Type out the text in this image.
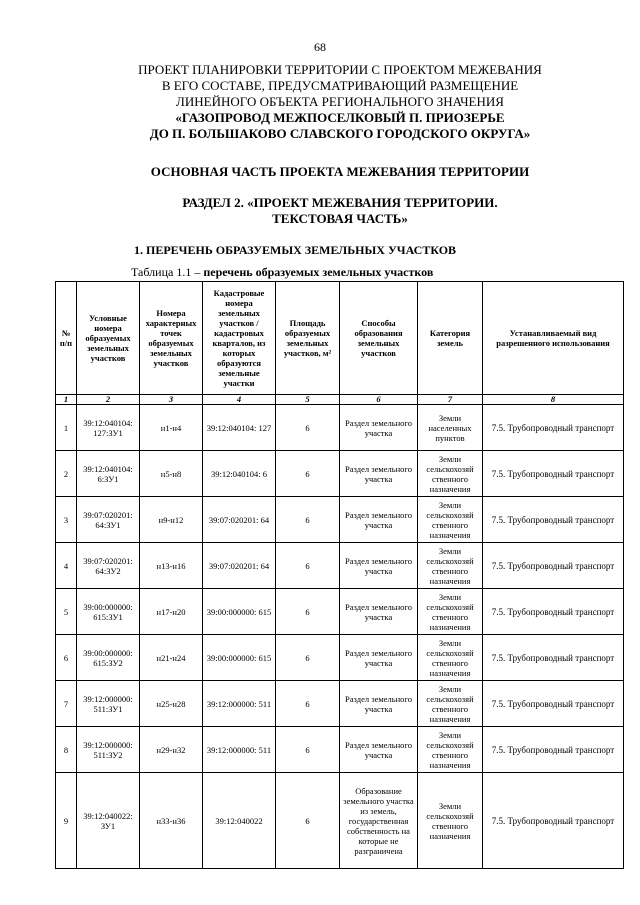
68
ПРОЕКТ ПЛАНИРОВКИ ТЕРРИТОРИИ С ПРОЕКТОМ МЕЖЕВАНИЯ
В ЕГО СОСТАВЕ, ПРЕДУСМАТРИВАЮЩИЙ РАЗМЕЩЕНИЕ
ЛИНЕЙНОГО ОБЪЕКТА РЕГИОНАЛЬНОГО ЗНАЧЕНИЯ
«ГАЗОПРОВОД МЕЖПОСЕЛКОВЫЙ П. ПРИОЗЕРЬЕ
ДО П. БОЛЬШАКОВО СЛАВСКОГО ГОРОДСКОГО ОКРУГА»
ОСНОВНАЯ ЧАСТЬ ПРОЕКТА МЕЖЕВАНИЯ ТЕРРИТОРИИ
РАЗДЕЛ 2. «ПРОЕКТ МЕЖЕВАНИЯ ТЕРРИТОРИИ.
ТЕКСТОВАЯ ЧАСТЬ»
1. ПЕРЕЧЕНЬ ОБРАЗУЕМЫХ ЗЕМЕЛЬНЫХ УЧАСТКОВ
Таблица 1.1 – перечень образуемых земельных участков
№ п/п	Условные номера образуемых земельных участков	Номера характерных точек образуемых земельных участков	Кадастровые номера земельных участков / кадастровых кварталов, из которых образуются земельные участки	Площадь образуемых земельных участков, м²	Способы образования земельных участков	Категория земель	Устанавливаемый вид разрешенного использования
1	2	3	4	5	6	7	8
1	39:12:040104: 127:ЗУ1	н1-н4	39:12:040104: 127	6	Раздел земельного участка	Земли населенных пунктов	7.5. Трубопроводный транспорт
2	39:12:040104: 6:ЗУ1	н5-н8	39:12:040104: 6	6	Раздел земельного участка	Земли сельскохозяй ственного назначения	7.5. Трубопроводный транспорт
3	39:07:020201: 64:ЗУ1	н9-н12	39:07:020201: 64	6	Раздел земельного участка	Земли сельскохозяй ственного назначения	7.5. Трубопроводный транспорт
4	39:07:020201: 64:ЗУ2	н13-н16	39:07:020201: 64	6	Раздел земельного участка	Земли сельскохозяй ственного назначения	7.5. Трубопроводный транспорт
5	39:00:000000: 615:ЗУ1	н17-н20	39:00:000000: 615	6	Раздел земельного участка	Земли сельскохозяй ственного назначения	7.5. Трубопроводный транспорт
6	39:00:000000: 615:ЗУ2	н21-н24	39:00:000000: 615	6	Раздел земельного участка	Земли сельскохозяй ственного назначения	7.5. Трубопроводный транспорт
7	39:12:000000: 511:ЗУ1	н25-н28	39:12:000000: 511	6	Раздел земельного участка	Земли сельскохозяй ственного назначения	7.5. Трубопроводный транспорт
8	39:12:000000: 511:ЗУ2	н29-н32	39:12:000000: 511	6	Раздел земельного участка	Земли сельскохозяй ственного назначения	7.5. Трубопроводный транспорт
9	39:12:040022: ЗУ1	н33-н36	39:12:040022	6	Образование земельного участка из земель, государственная собственность на которые не разграничена	Земли сельскохозяй ственного назначения	7.5. Трубопроводный транспорт
